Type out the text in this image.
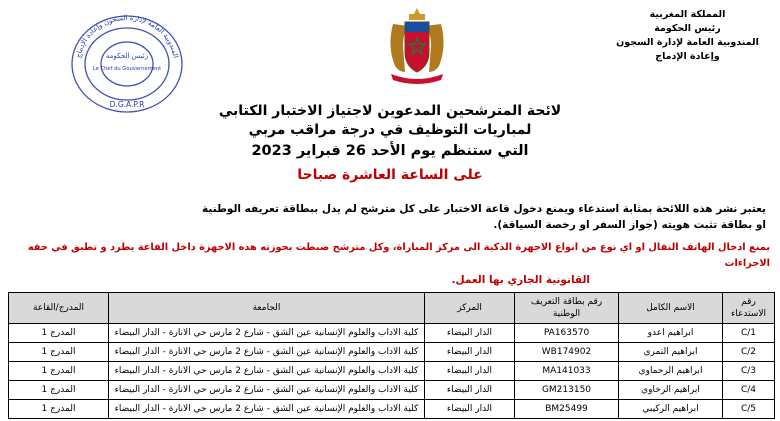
المملكة المغربية
رئيس الحكومة
المندوبية العامة لإدارة السجون
وإعادة الإدماج
المندوبية العامة لإدارة السجون وإعادة الإدماج
رئيس الحكومة
Le Chef du Gouvernement
D.G.A.P.R	لائحة المترشحين المدعوين لاجتياز الاختبار الكتابي
لمباريات التوظيف في درجة مراقب مربي
التي ستنظم يوم الأحد 26 فبراير 2023
على الساعة العاشرة صباحا
يعتبر نشر هذه اللائحة بمثابة استدعاء ويمنع دخول قاعة الاختبار على كل مترشح لم يدل ببطاقة تعريفه الوطنية
او بطاقة تثبت هويته (جواز السفر او رخصة السياقة).
يمنع ادخال الهاتف النقال او اي نوع من انواع الاجهزة الذكية الى مركز المباراة، وكل مترشح ضبطت بحوزته هذه الاجهزة داخل القاعة يطرد و تطبق في حقه الاجراءات
القانونية الجاري بها العمل.
رقم الاستدعاء	الاسم الكامل	رقم بطاقة التعريف الوطنية	المركز	الجامعة	المدرج/القاعة
C/1	ابراهيم اعدو	PA163570	الدار البيضاء	كلية الاداب والعلوم الإنسانية عين الشق - شارع 2 مارس حي الانارة - الدار البيضاء	المدرج 1
C/2	ابراهيم التمري	WB174902	الدار البيضاء	كلية الاداب والعلوم الإنسانية عين الشق - شارع 2 مارس حي الانارة - الدار البيضاء	المدرج 1
C/3	ابراهيم الرحماوي	MA141033	الدار البيضاء	كلية الاداب والعلوم الإنسانية عين الشق - شارع 2 مارس حي الانارة - الدار البيضاء	المدرج 1
C/4	ابراهيم الرخاوي	GM213150	الدار البيضاء	كلية الاداب والعلوم الإنسانية عين الشق - شارع 2 مارس حي الانارة - الدار البيضاء	المدرج 1
C/5	ابراهيم الركيبي	BM25499	الدار البيضاء	كلية الاداب والعلوم الإنسانية عين الشق - شارع 2 مارس حي الانارة - الدار البيضاء	المدرج 1
